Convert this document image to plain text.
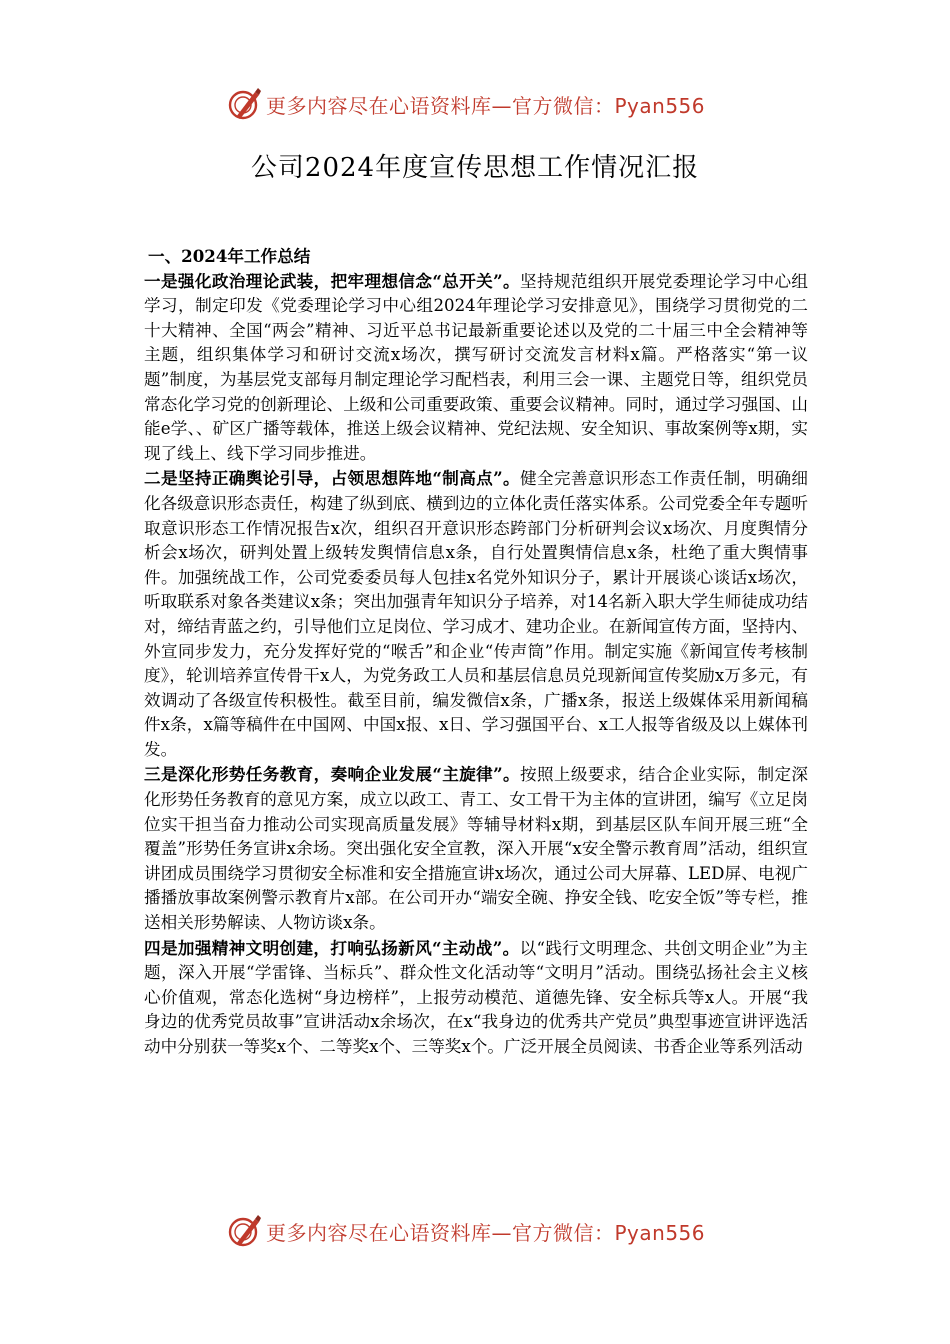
更多内容尽在心语资料库—官方微信：Pyan556
公司2024年度宣传思想工作情况汇报

一、2024年工作总结

一是强化政治理论武装，把牢理想信念“总开关”。坚持规范组织开展党委理论学习中心组学习，制定印发《党委理论学习中心组2024年理论学习安排意见》，围绕学习贯彻党的二十大精神、全国“两会”精神、习近平总书记最新重要论述以及党的二十届三中全会精神等主题，组织集体学习和研讨交流x场次，撰写研讨交流发言材料x篇。严格落实“第一议题”制度，为基层党支部每月制定理论学习配档表，利用三会一课、主题党日等，组织党员常态化学习党的创新理论、上级和公司重要政策、重要会议精神。同时，通过学习强国、山能e学、、矿区广播等载体，推送上级会议精神、党纪法规、安全知识、事故案例等x期，实现了线上、线下学习同步推进。

二是坚持正确舆论引导，占领思想阵地“制高点”。健全完善意识形态工作责任制，明确细化各级意识形态责任，构建了纵到底、横到边的立体化责任落实体系。公司党委全年专题听取意识形态工作情况报告x次，组织召开意识形态跨部门分析研判会议x场次、月度舆情分析会x场次，研判处置上级转发舆情信息x条，自行处置舆情信息x条，杜绝了重大舆情事件。加强统战工作，公司党委委员每人包挂x名党外知识分子，累计开展谈心谈话x场次，听取联系对象各类建议x条；突出加强青年知识分子培养，对14名新入职大学生师徒成功结对，缔结青蓝之约，引导他们立足岗位、学习成才、建功企业。在新闻宣传方面，坚持内、外宣同步发力，充分发挥好党的“喉舌”和企业“传声筒”作用。制定实施《新闻宣传考核制度》，轮训培养宣传骨干x人，为党务政工人员和基层信息员兑现新闻宣传奖励x万多元，有效调动了各级宣传积极性。截至目前，编发微信x条，广播x条，报送上级媒体采用新闻稿件x条，x篇等稿件在中国网、中国x报、x日、学习强国平台、x工人报等省级及以上媒体刊发。

三是深化形势任务教育，奏响企业发展“主旋律”。按照上级要求，结合企业实际，制定深化形势任务教育的意见方案，成立以政工、青工、女工骨干为主体的宣讲团，编写《立足岗位实干担当奋力推动公司实现高质量发展》等辅导材料x期，到基层区队车间开展三班“全覆盖”形势任务宣讲x余场。突出强化安全宣教，深入开展“x安全警示教育周”活动，组织宣讲团成员围绕学习贯彻安全标准和安全措施宣讲x场次，通过公司大屏幕、LED屏、电视广播播放事故案例警示教育片x部。在公司开办“端安全碗、挣安全钱、吃安全饭”等专栏，推送相关形势解读、人物访谈x条。

四是加强精神文明创建，打响弘扬新风“主动战”。以“践行文明理念、共创文明企业”为主题，深入开展“学雷锋、当标兵”、群众性文化活动等“文明月”活动。围绕弘扬社会主义核心价值观，常态化选树“身边榜样”，上报劳动模范、道德先锋、安全标兵等x人。开展“我身边的优秀党员故事”宣讲活动x余场次，在x“我身边的优秀共产党员”典型事迹宣讲评选活动中分别获一等奖x个、二等奖x个、三等奖x个。广泛开展全员阅读、书香企业等系列活动

更多内容尽在心语资料库—官方微信：Pyan556
